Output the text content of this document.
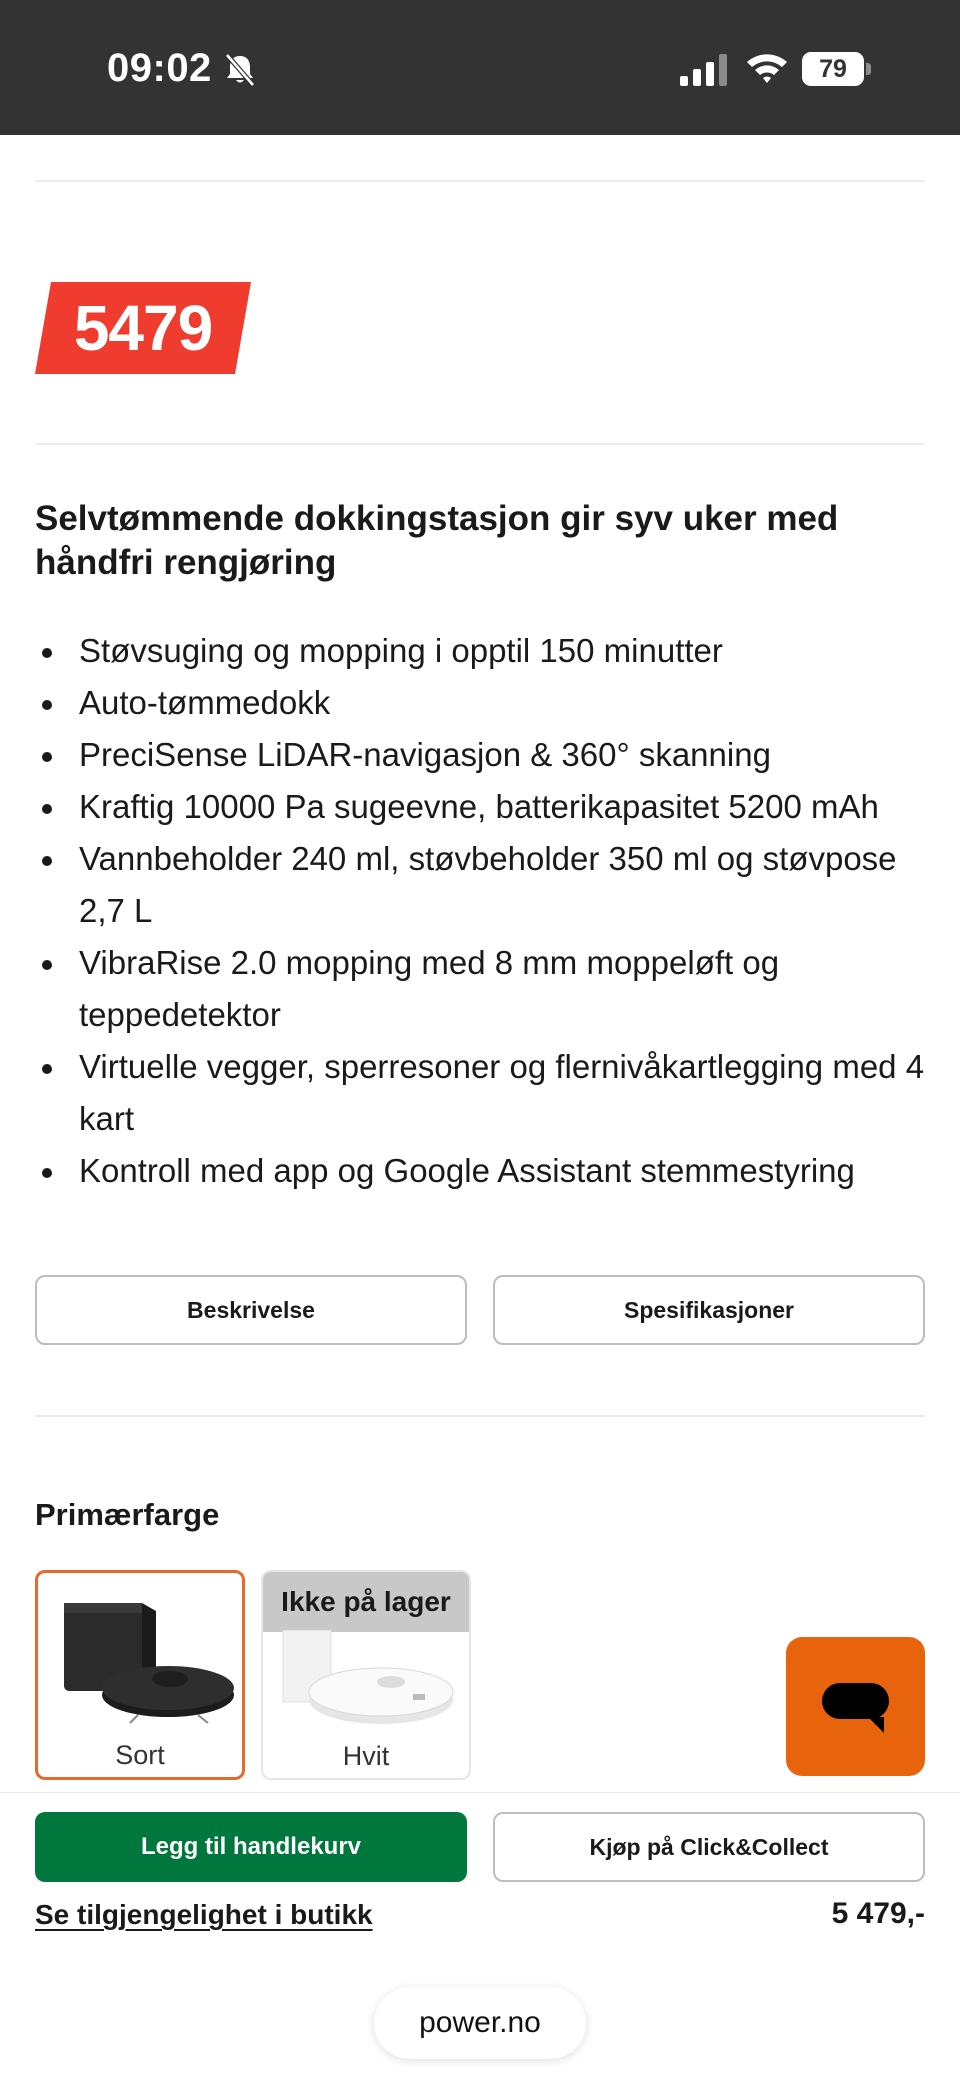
09:02	79
5479
Selvtømmende dokkingstasjon gir syv uker med håndfri rengjøring
Støvsuging og mopping i opptil 150 minutter
Auto-tømmedokk
PreciSense LiDAR-navigasjon & 360° skanning
Kraftig 10000 Pa sugeevne, batterikapasitet 5200 mAh
Vannbeholder 240 ml, støvbeholder 350 ml og støvpose 2,7 L
VibraRise 2.0 mopping med 8 mm moppeløft og teppedetektor
Virtuelle vegger, sperresoner og flernivåkartlegging med 4 kart
Kontroll med app og Google Assistant stemmestyring
Beskrivelse	Spesifikasjoner
Primærfarge
Sort
Ikke på lager
Hvit
Legg til handlekurv	Kjøp på Click&Collect
Se tilgjengelighet i butikk	5 479,-
power.no
